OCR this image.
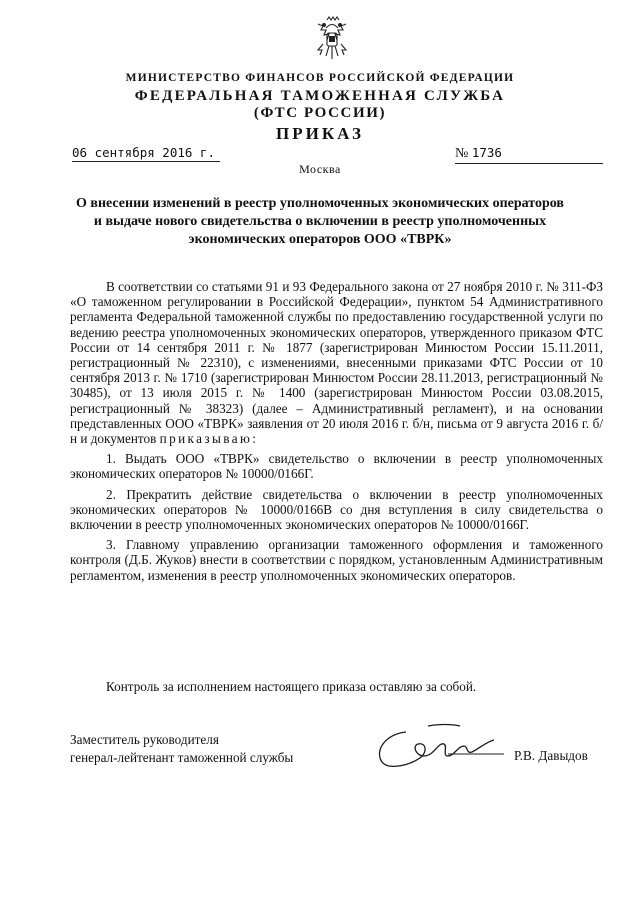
МИНИСТЕРСТВО ФИНАНСОВ РОССИЙСКОЙ ФЕДЕРАЦИИ
ФЕДЕРАЛЬНАЯ ТАМОЖЕННАЯ СЛУЖБА
(ФТС РОССИИ)
ПРИКАЗ
06 сентября 2016 г.	№ 1736
Москва
О внесении изменений в реестр уполномоченных экономических операторов
и выдаче нового свидетельства о включении в реестр уполномоченных
экономических операторов ООО «ТВРК»

В соответствии со статьями 91 и 93 Федерального закона от 27 ноября 2010 г. № 311-ФЗ «О таможенном регулировании в Российской Федерации», пунктом 54 Административного регламента Федеральной таможенной службы по предоставлению государственной услуги по ведению реестра уполномоченных экономических операторов, утвержденного приказом ФТС России от 14 сентября 2011 г. № 1877 (зарегистрирован Минюстом России 15.11.2011, регистрационный № 22310), с изменениями, внесенными приказами ФТС России от 10 сентября 2013 г. № 1710 (зарегистрирован Минюстом России 28.11.2013, регистрационный № 30485), от 13 июля 2015 г. № 1400 (зарегистрирован Минюстом России 03.08.2015, регистрационный № 38323) (далее – Административный регламент), и на основании представленных ООО «ТВРК» заявления от 20 июля 2016 г. б/н, письма от 9 августа 2016 г. б/н и документов приказываю:

1. Выдать ООО «ТВРК» свидетельство о включении в реестр уполномоченных экономических операторов № 10000/0166Г.

2. Прекратить действие свидетельства о включении в реестр уполномоченных экономических операторов № 10000/0166В со дня вступления в силу свидетельства о включении в реестр уполномоченных экономических операторов № 10000/0166Г.

3. Главному управлению организации таможенного оформления и таможенного контроля (Д.Б. Жуков) внести в соответствии с порядком, установленным Административным регламентом, изменения в реестр уполномоченных экономических операторов.

Контроль за исполнением настоящего приказа оставляю за собой.
Заместитель руководителя
генерал-лейтенант таможенной службы	Р.В. Давыдов
